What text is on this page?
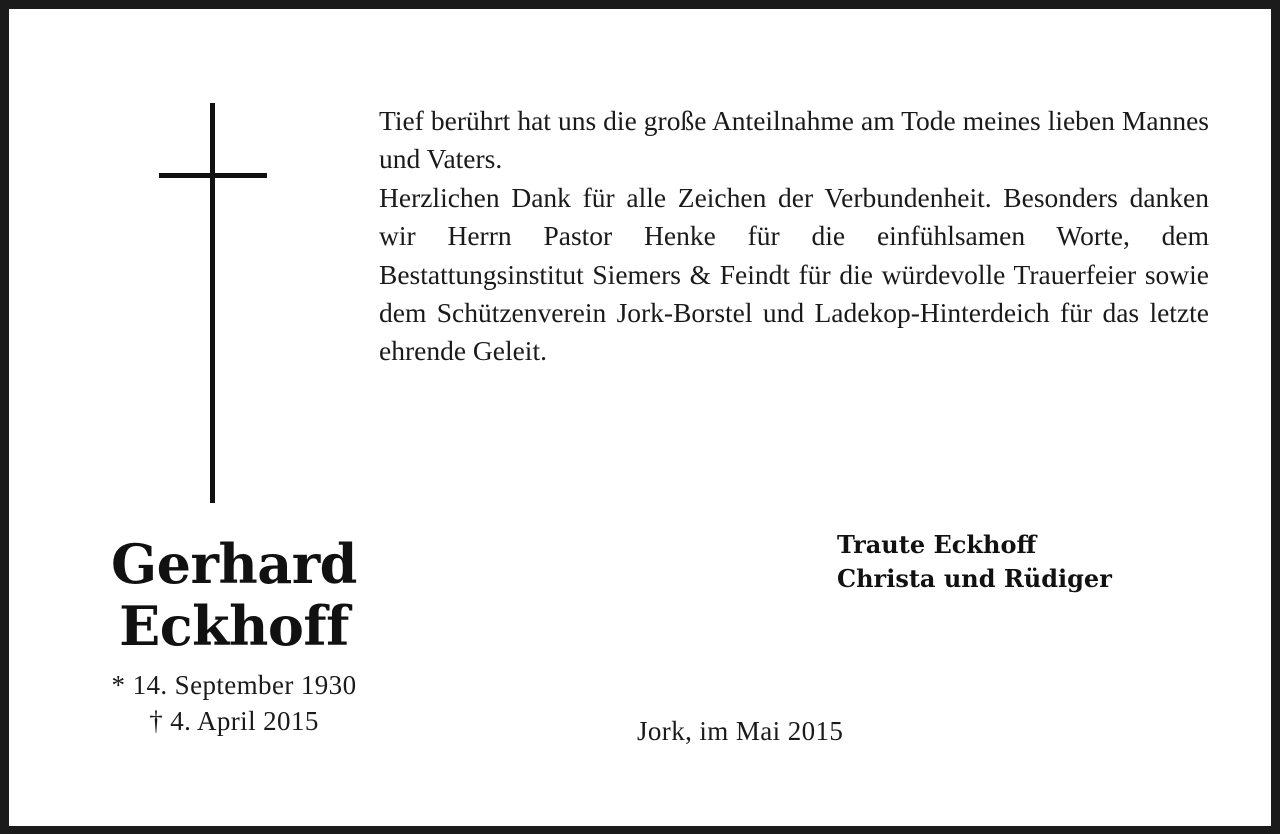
Tief berührt hat uns die große Anteilnahme am Tode meines lieben Mannes und Vaters.

Herzlichen Dank für alle Zeichen der Verbundenheit. Besonders danken wir Herrn Pastor Henke für die einfühlsamen Worte, dem Bestattungsinstitut Siemers & Feindt für die würdevolle Trauerfeier sowie dem Schützenverein Jork-Borstel und Ladekop-Hinterdeich für das letzte ehrende Geleit.

Gerhard
Eckhoff
* 14. September 1930
† 4. April 2015
Traute Eckhoff
Christa und Rüdiger
Jork, im Mai 2015
